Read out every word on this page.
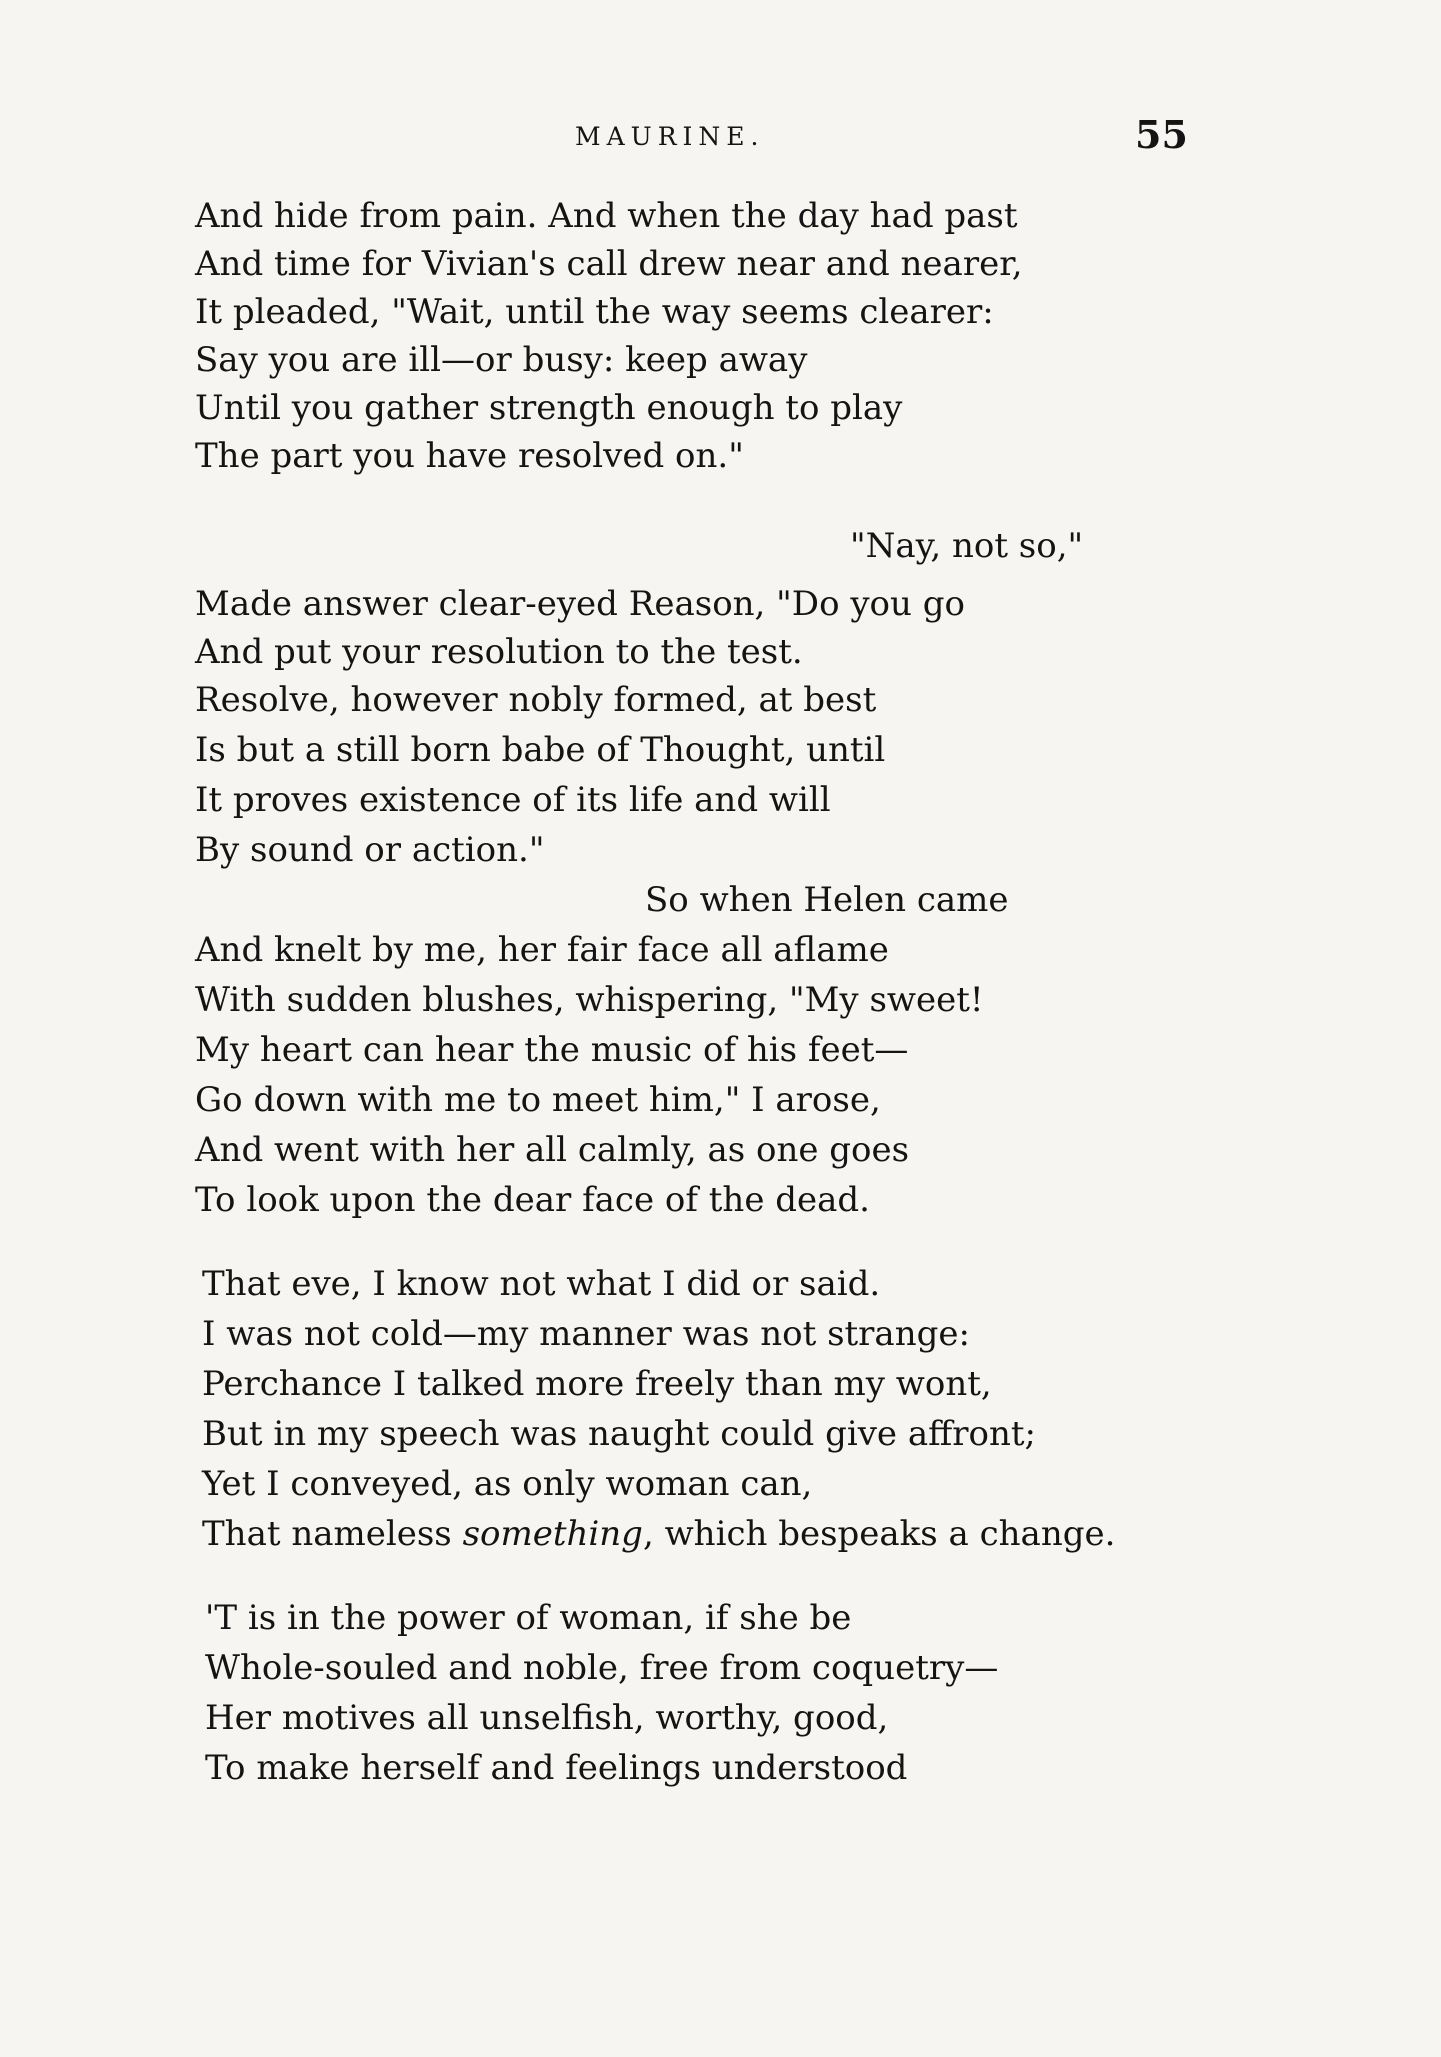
MAURINE.	55
And hide from pain. And when the day had past
And time for Vivian's call drew near and nearer,
It pleaded, "Wait, until the way seems clearer:
Say you are ill—or busy: keep away
Until you gather strength enough to play
The part you have resolved on."
"Nay, not so,"
Made answer clear-eyed Reason, "Do you go
And put your resolution to the test.
Resolve, however nobly formed, at best
Is but a still born babe of Thought, until
It proves existence of its life and will
By sound or action."
So when Helen came
And knelt by me, her fair face all aflame
With sudden blushes, whispering, "My sweet!
My heart can hear the music of his feet—
Go down with me to meet him," I arose,
And went with her all calmly, as one goes
To look upon the dear face of the dead.
That eve, I know not what I did or said.
I was not cold—my manner was not strange:
Perchance I talked more freely than my wont,
But in my speech was naught could give affront;
Yet I conveyed, as only woman can,
That nameless something, which bespeaks a change.
'T is in the power of woman, if she be
Whole-souled and noble, free from coquetry—
Her motives all unselfish, worthy, good,
To make herself and feelings understood
